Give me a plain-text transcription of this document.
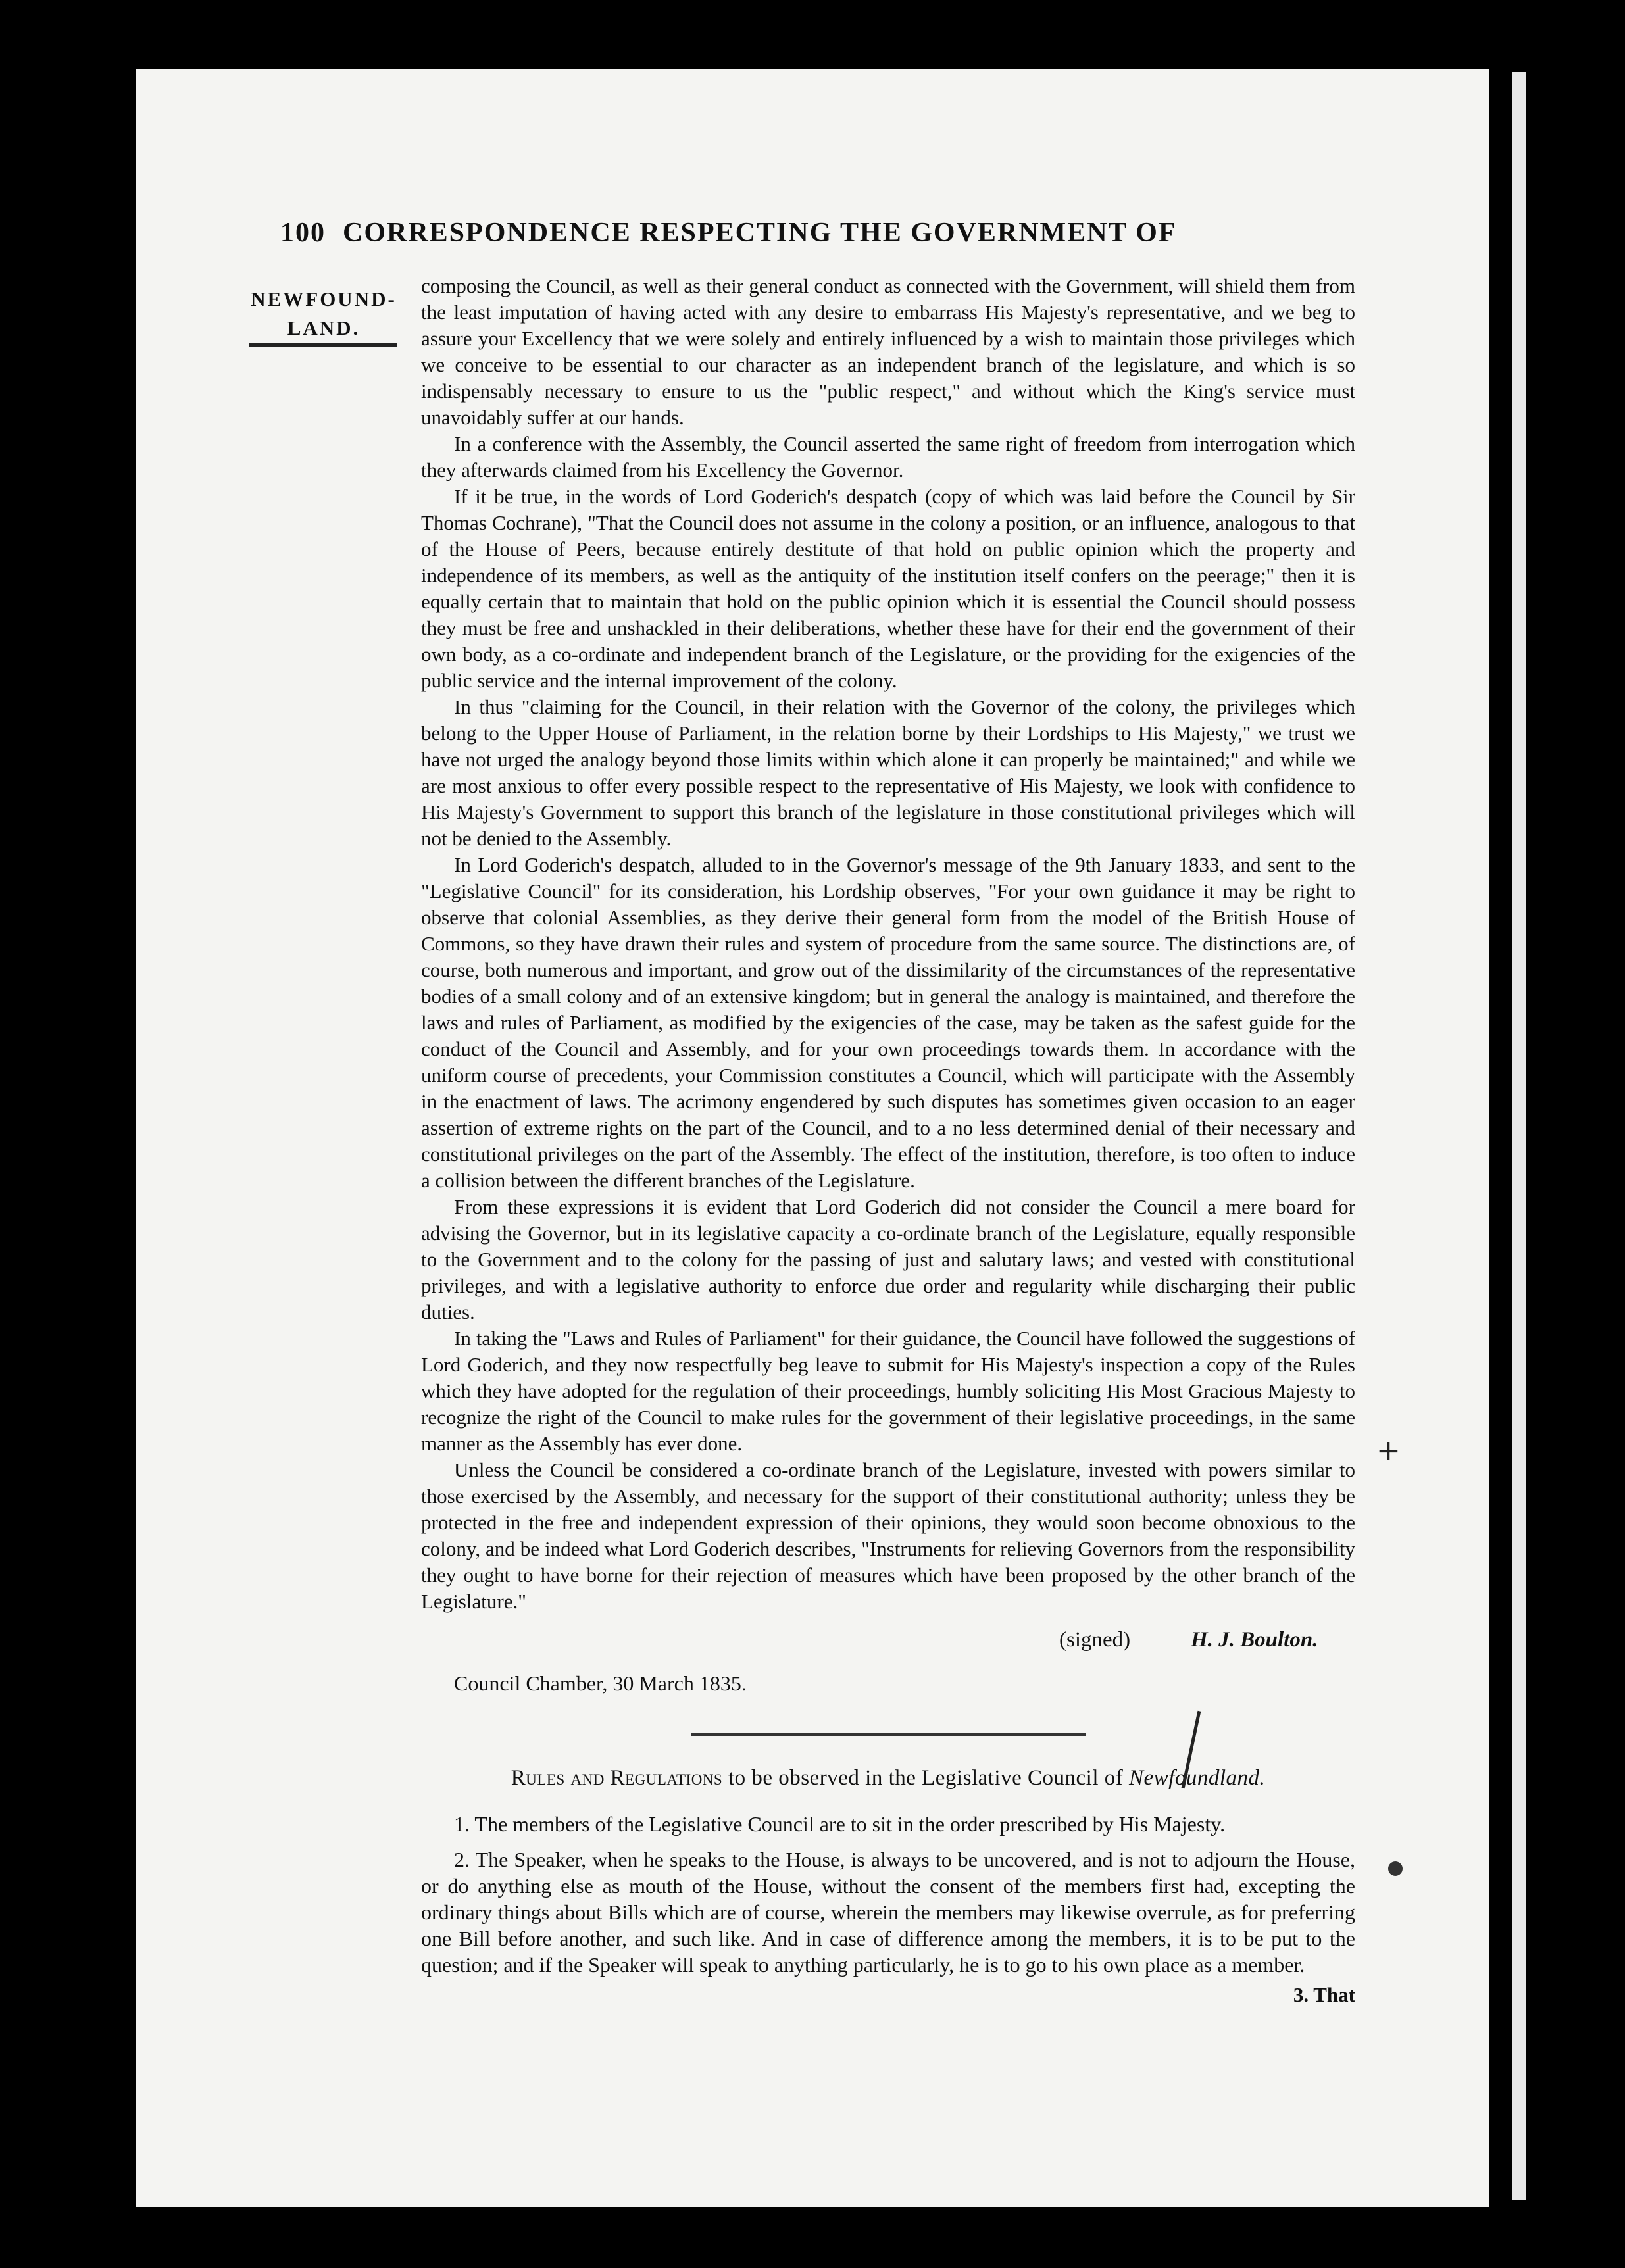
100 CORRESPONDENCE RESPECTING THE GOVERNMENT OF
NEWFOUND-
LAND.

composing the Council, as well as their general conduct as connected with the Government, will shield them from the least imputation of having acted with any desire to embarrass His Majesty's representative, and we beg to assure your Excellency that we were solely and entirely influenced by a wish to maintain those privileges which we conceive to be essential to our character as an independent branch of the legislature, and which is so indispensably necessary to ensure to us the "public respect," and without which the King's service must unavoidably suffer at our hands.

In a conference with the Assembly, the Council asserted the same right of freedom from interrogation which they afterwards claimed from his Excellency the Governor.

If it be true, in the words of Lord Goderich's despatch (copy of which was laid before the Council by Sir Thomas Cochrane), "That the Council does not assume in the colony a position, or an influence, analogous to that of the House of Peers, because entirely destitute of that hold on public opinion which the property and independence of its members, as well as the antiquity of the institution itself confers on the peerage;" then it is equally certain that to maintain that hold on the public opinion which it is essential the Council should possess they must be free and unshackled in their deliberations, whether these have for their end the government of their own body, as a co-ordinate and independent branch of the Legislature, or the providing for the exigencies of the public service and the internal improvement of the colony.

In thus "claiming for the Council, in their relation with the Governor of the colony, the privileges which belong to the Upper House of Parliament, in the relation borne by their Lordships to His Majesty," we trust we have not urged the analogy beyond those limits within which alone it can properly be maintained;" and while we are most anxious to offer every possible respect to the representative of His Majesty, we look with confidence to His Majesty's Government to support this branch of the legislature in those constitutional privileges which will not be denied to the Assembly.

In Lord Goderich's despatch, alluded to in the Governor's message of the 9th January 1833, and sent to the "Legislative Council" for its consideration, his Lordship observes, "For your own guidance it may be right to observe that colonial Assemblies, as they derive their general form from the model of the British House of Commons, so they have drawn their rules and system of procedure from the same source. The distinctions are, of course, both numerous and important, and grow out of the dissimilarity of the circumstances of the representative bodies of a small colony and of an extensive kingdom; but in general the analogy is maintained, and therefore the laws and rules of Parliament, as modified by the exigencies of the case, may be taken as the safest guide for the conduct of the Council and Assembly, and for your own proceedings towards them. In accordance with the uniform course of precedents, your Commission constitutes a Council, which will participate with the Assembly in the enactment of laws. The acrimony engendered by such disputes has sometimes given occasion to an eager assertion of extreme rights on the part of the Council, and to a no less determined denial of their necessary and constitutional privileges on the part of the Assembly. The effect of the institution, therefore, is too often to induce a collision between the different branches of the Legislature.

From these expressions it is evident that Lord Goderich did not consider the Council a mere board for advising the Governor, but in its legislative capacity a co-ordinate branch of the Legislature, equally responsible to the Government and to the colony for the passing of just and salutary laws; and vested with constitutional privileges, and with a legislative authority to enforce due order and regularity while discharging their public duties.

In taking the "Laws and Rules of Parliament" for their guidance, the Council have followed the suggestions of Lord Goderich, and they now respectfully beg leave to submit for His Majesty's inspection a copy of the Rules which they have adopted for the regulation of their proceedings, humbly soliciting His Most Gracious Majesty to recognize the right of the Council to make rules for the government of their legislative proceedings, in the same manner as the Assembly has ever done.

Unless the Council be considered a co-ordinate branch of the Legislature, invested with powers similar to those exercised by the Assembly, and necessary for the support of their constitutional authority; unless they be protected in the free and independent expression of their opinions, they would soon become obnoxious to the colony, and be indeed what Lord Goderich describes, "Instruments for relieving Governors from the responsibility they ought to have borne for their rejection of measures which have been proposed by the other branch of the Legislature."

(signed)	H. J. Boulton.
Council Chamber, 30 March 1835.
Rules and Regulations to be observed in the Legislative Council of Newfoundland.

1. The members of the Legislative Council are to sit in the order prescribed by His Majesty.

2. The Speaker, when he speaks to the House, is always to be uncovered, and is not to adjourn the House, or do anything else as mouth of the House, without the consent of the members first had, excepting the ordinary things about Bills which are of course, wherein the members may likewise overrule, as for preferring one Bill before another, and such like. And in case of difference among the members, it is to be put to the question; and if the Speaker will speak to anything particularly, he is to go to his own place as a member.

3. That
+
